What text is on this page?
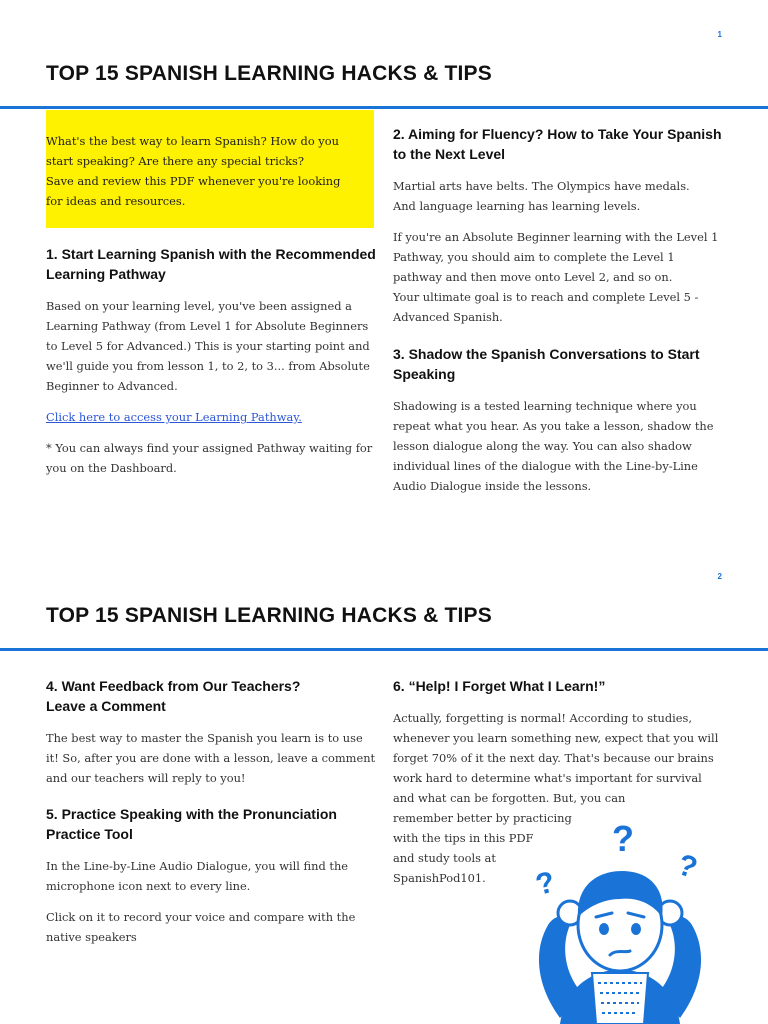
1
TOP 15 SPANISH LEARNING HACKS & TIPS
What's the best way to learn Spanish? How do you
start speaking? Are there any special tricks?
Save and review this PDF whenever you're looking
for ideas and resources.
1. Start Learning Spanish with the Recommended Learning Pathway

Based on your learning level, you've been assigned a Learning Pathway (from Level 1 for Absolute Beginners to Level 5 for Advanced.) This is your starting point and we'll guide you from lesson 1, to 2, to 3... from Absolute Beginner to Advanced.

Click here to access your Learning Pathway.

* You can always find your assigned Pathway waiting for you on the Dashboard.

2. Aiming for Fluency? How to Take Your Spanish to the Next Level

Martial arts have belts. The Olympics have medals.
And language learning has learning levels.

If you're an Absolute Beginner learning with the Level 1 Pathway, you should aim to complete the Level 1 pathway and then move onto Level 2, and so on.

Your ultimate goal is to reach and complete Level 5 - Advanced Spanish.

3. Shadow the Spanish Conversations to Start Speaking

Shadowing is a tested learning technique where you repeat what you hear. As you take a lesson, shadow the lesson dialogue along the way. You can also shadow individual lines of the dialogue with the Line-by-Line Audio Dialogue inside the lessons.

2
TOP 15 SPANISH LEARNING HACKS & TIPS
4. Want Feedback from Our Teachers?
Leave a Comment

The best way to master the Spanish you learn is to use it! So, after you are done with a lesson, leave a comment and our teachers will reply to you!

5. Practice Speaking with the Pronunciation Practice Tool

In the Line-by-Line Audio Dialogue, you will find the microphone icon next to every line.

Click on it to record your voice and compare with the native speakers

6. “Help! I Forget What I Learn!”

Actually, forgetting is normal! According to studies, whenever you learn something new, expect that you will forget 70% of it the next day. That's because our brains work hard to determine what's important for survival and what can be forgotten. But, you can

remember better by practicing

with the tips in this PDF

and study tools at

SpanishPod101.

?
?
?
